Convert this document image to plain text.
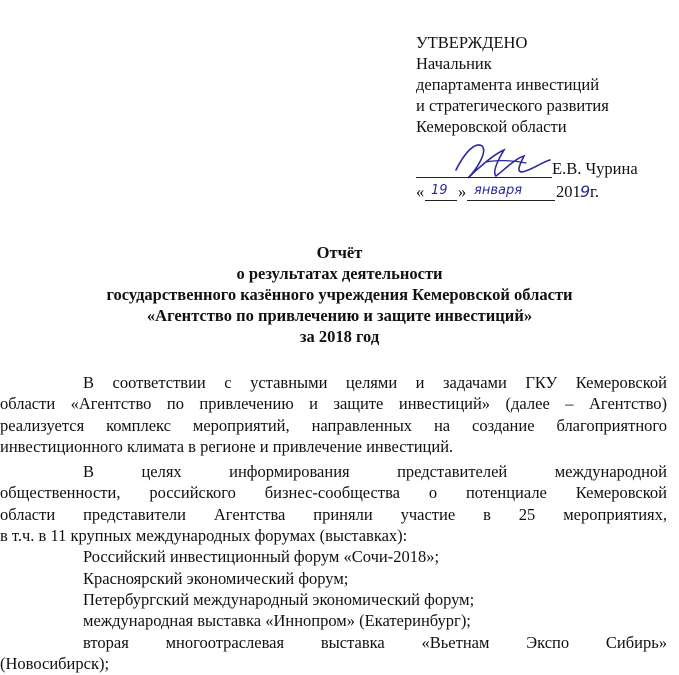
УТВЕРЖДЕНО
Начальник
департамента инвестиций
и стратегического развития
Кемеровской области
Е.В. Чурина
« 19 » января 201 9 г.
Отчёт
о результатах деятельности
государственного казённого учреждения Кемеровской области
«Агентство по привлечению и защите инвестиций»
за 2018 год

В соответствии с уставными целями и задачами ГКУ Кемеровской

области «Агентство по привлечению и защите инвестиций» (далее – Агентство)
реализуется комплекс мероприятий, направленных на создание благоприятного
инвестиционного климата в регионе и привлечение инвестиций.

В целях информирования представителей международной

общественности, российского бизнес-сообщества о потенциале Кемеровской
области представители Агентства приняли участие в 25 мероприятиях,
в т.ч. в 11 крупных международных форумах (выставках):
Российский инвестиционный форум «Сочи-2018»;
Красноярский экономический форум;
Петербургский международный экономический форум;
международная выставка «Иннопром» (Екатеринбург);
вторая многоотраслевая выставка «Вьетнам Экспо Сибирь»
(Новосибирск);
